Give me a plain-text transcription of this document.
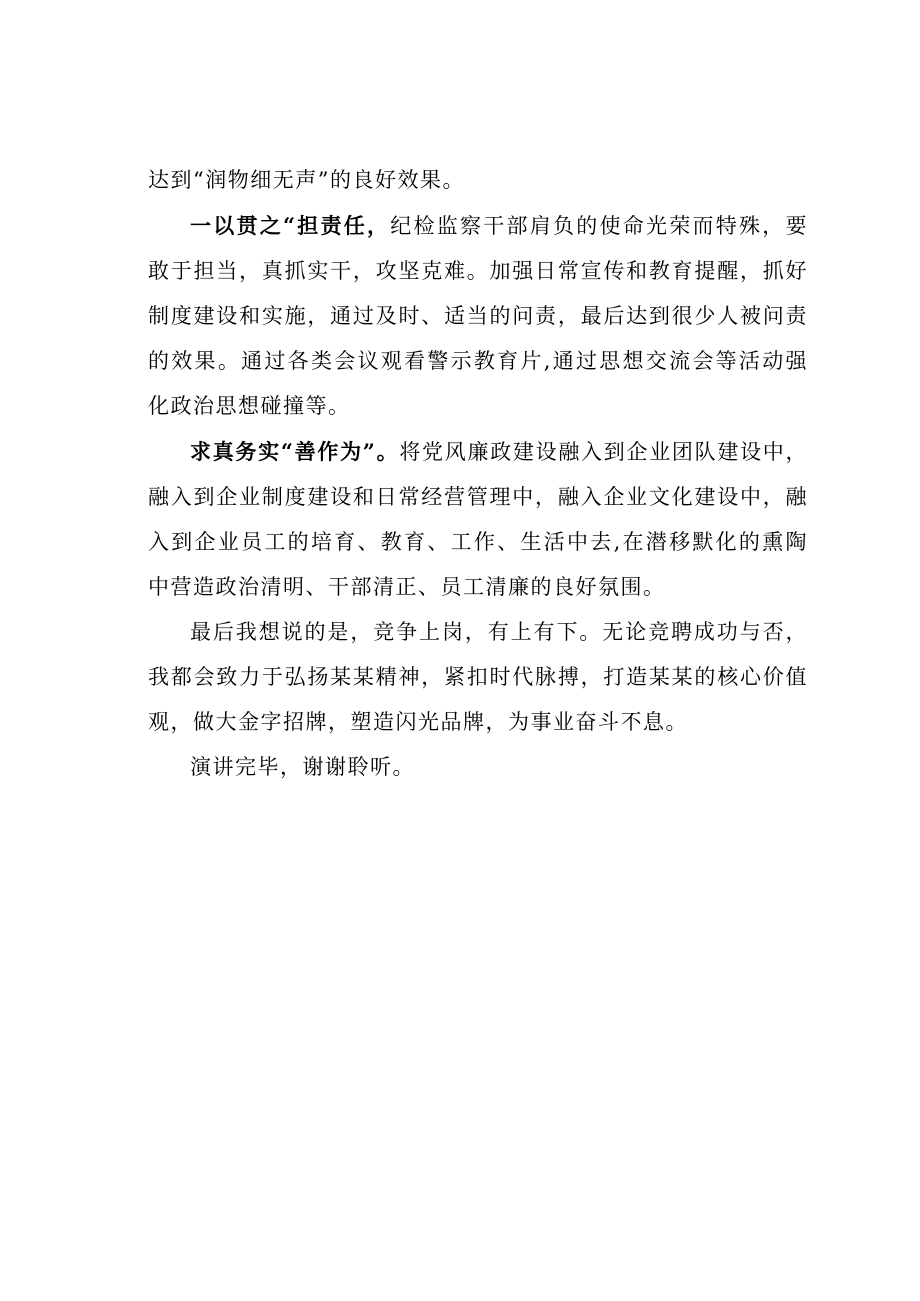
达到“润物细无声”的良好效果。

一以贯之“担责任，纪检监察干部肩负的使命光荣而特殊，要敢于担当，真抓实干，攻坚克难。加强日常宣传和教育提醒，抓好制度建设和实施，通过及时、适当的问责，最后达到很少人被问责的效果。通过各类会议观看警示教育片,通过思想交流会等活动强化政治思想碰撞等。

求真务实“善作为”。将党风廉政建设融入到企业团队建设中，融入到企业制度建设和日常经营管理中，融入企业文化建设中，融入到企业员工的培育、教育、工作、生活中去,在潜移默化的熏陶中营造政治清明、干部清正、员工清廉的良好氛围。

最后我想说的是，竞争上岗，有上有下。无论竞聘成功与否，我都会致力于弘扬某某精神，紧扣时代脉搏，打造某某的核心价值观，做大金字招牌，塑造闪光品牌，为事业奋斗不息。

演讲完毕，谢谢聆听。
